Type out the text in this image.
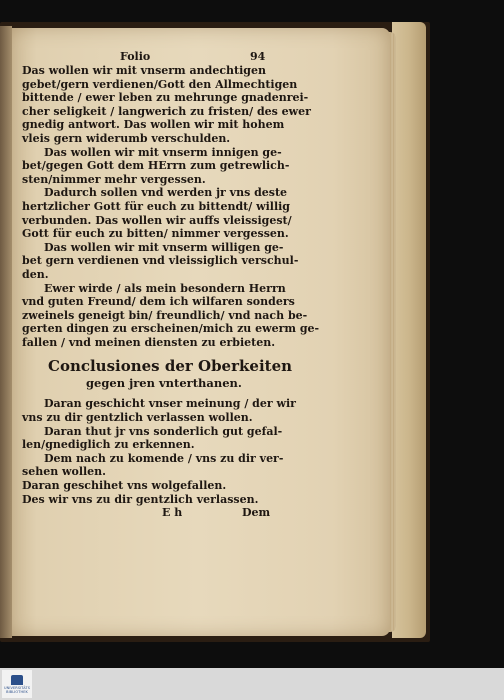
Folio	94
Das wollen wir mit vnserm andechtigen
gebet/gern verdienen/Gott den Allmechtigen
bittende / ewer leben zu mehrunge gnadenrei-
cher seligkeit / langwerich zu fristen/ des ewer
gnedig antwort. Das wollen wir mit hohem
vleis gern widerumb verschulden.
Das wollen wir mit vnserm innigen ge-
bet/gegen Gott dem HErrn zum getrewlich-
sten/nimmer mehr vergessen.
Dadurch sollen vnd werden jr vns deste
hertzlicher Gott für euch zu bittendt/ willig
verbunden. Das wollen wir auffs vleissigest/
Gott für euch zu bitten/ nimmer vergessen.
Das wollen wir mit vnserm willigen ge-
bet gern verdienen vnd vleissiglich verschul-
den.
Ewer wirde / als mein besondern Herrn
vnd guten Freund/ dem ich wilfaren sonders
zweinels geneigt bin/ freundlich/ vnd nach be-
gerten dingen zu erscheinen/mich zu ewerm ge-
fallen / vnd meinen diensten zu erbieten.
Conclusiones der Oberkeiten
gegen jren vnterthanen.
Daran geschicht vnser meinung / der wir
vns zu dir gentzlich verlassen wollen.
Daran thut jr vns sonderlich gut gefal-
len/gnediglich zu erkennen.
Dem nach zu komende / vns zu dir ver-
sehen wollen.
Daran geschihet vns wolgefallen.
Des wir vns zu dir gentzlich verlassen.
E h	Dem
UNIVERSITÄTS BIBLIOTHEK
